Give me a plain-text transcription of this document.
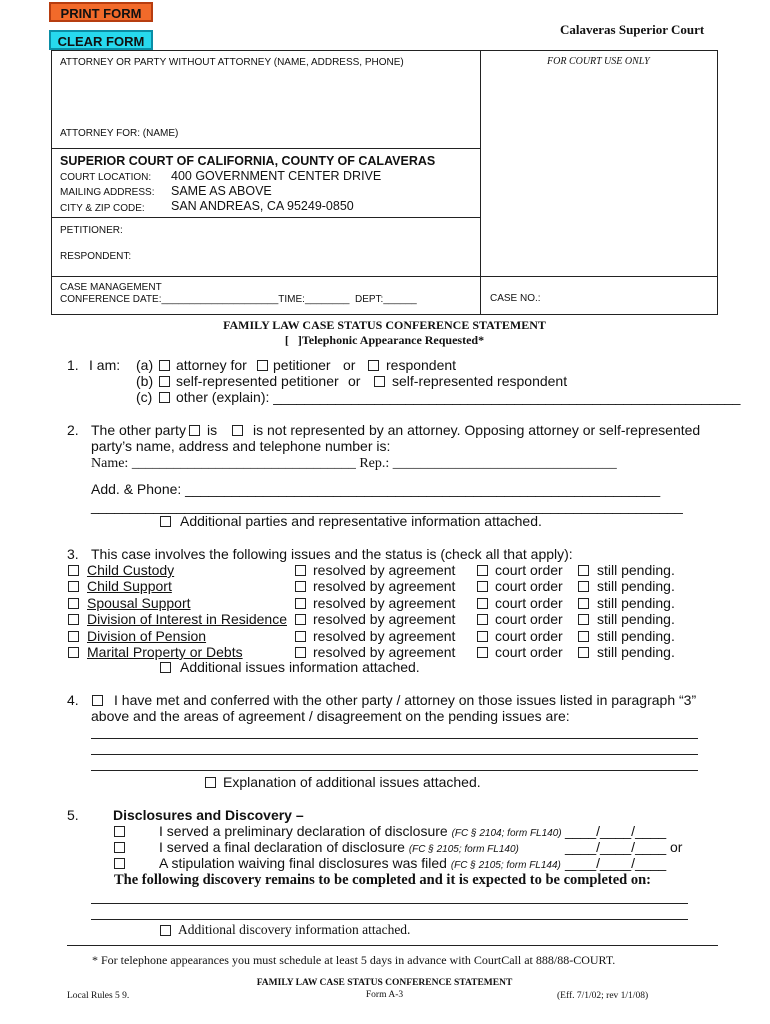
PRINT FORM
CLEAR FORM
Calaveras Superior Court
ATTORNEY OR PARTY WITHOUT ATTORNEY (NAME, ADDRESS, PHONE)	FOR COURT USE ONLY
ATTORNEY FOR: (NAME)
SUPERIOR COURT OF CALIFORNIA, COUNTY OF CALAVERAS
COURT LOCATION: 400 GOVERNMENT CENTER DRIVE
MAILING ADDRESS: SAME AS ABOVE
CITY & ZIP CODE: SAN ANDREAS, CA 95249-0850
PETITIONER:
RESPONDENT:
CASE MANAGEMENT
CONFERENCE DATE:_____________________TIME:________  DEPT:______	CASE NO.:
FAMILY LAW CASE STATUS CONFERENCE STATEMENT
[   ]Telephonic Appearance Requested*
1. I am: (a) attorney for petitioner or respondent
(b) self-represented petitioner or self-represented respondent
(c) other (explain): ____________________________________________________________
2. The other party is	is not represented by an attorney. Opposing attorney or self-represented
party’s name, address and telephone number is:
Name: ________________________________ Rep.: ________________________________
Add. & Phone: _____________________________________________________________
____________________________________________________________________________
Additional parties and representative information attached.
3. This case involves the following issues and the status is (check all that apply):
Child Custody	resolved by agreement	court order still pending.
Child Support	resolved by agreement	court order still pending.
Spousal Support	resolved by agreement	court order still pending.
Division of Interest in Residence resolved by agreement	court order still pending.
Division of Pension	resolved by agreement	court order still pending.
Marital Property or Debts	resolved by agreement	court order still pending.
Additional issues information attached.
4.	I have met and conferred with the other party / attorney on those issues listed in paragraph “3”
above and the areas of agreement / disagreement on the pending issues are:
Explanation of additional issues attached.
5. Disclosures and Discovery –
I served a preliminary declaration of disclosure (FC § 2104; form FL140) ____/____/____
I served a final declaration of disclosure (FC § 2105; form FL140)	____/____/____ or
A stipulation waiving final disclosures was filed (FC § 2105; form FL144) ____/____/____
The following discovery remains to be completed and it is expected to be completed on:
Additional discovery information attached.
* For telephone appearances you must schedule at least 5 days in advance with CourtCall at 888/88-COURT.
FAMILY LAW CASE STATUS CONFERENCE STATEMENT
Local Rules 5 9.	Form A-3	(Eff. 7/1/02; rev 1/1/08)
